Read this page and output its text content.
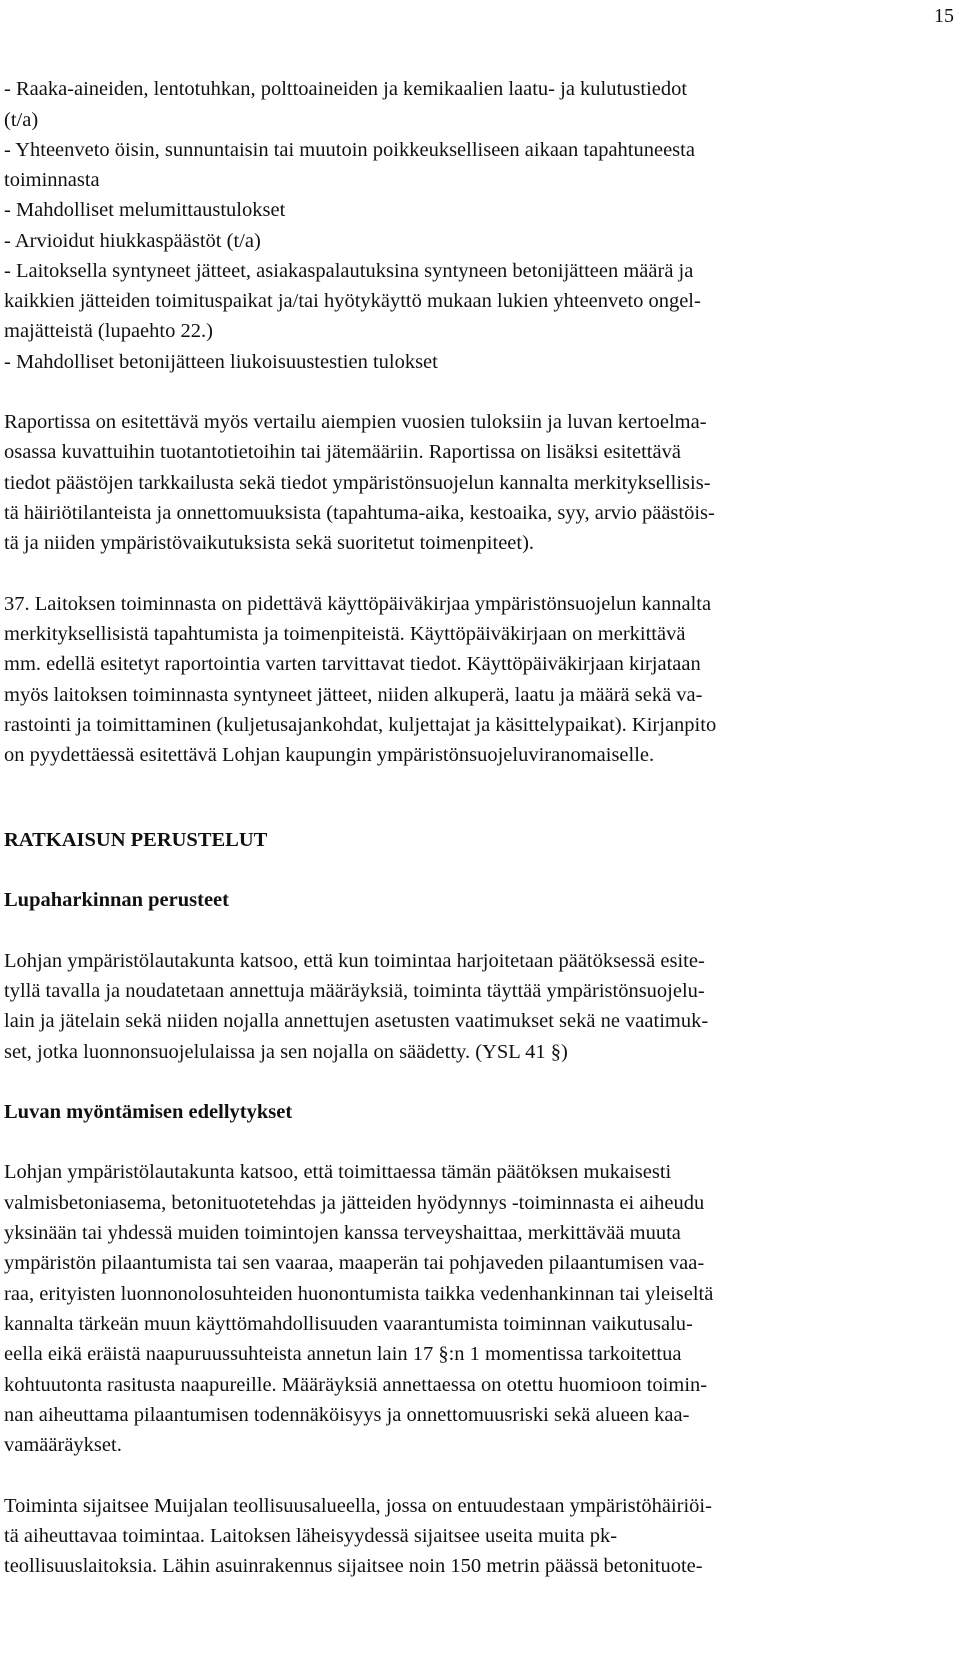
15
- Raaka-aineiden, lentotuhkan, polttoaineiden ja kemikaalien laatu- ja kulutustiedot
(t/a)
- Yhteenveto öisin, sunnuntaisin tai muutoin poikkeukselliseen aikaan tapahtuneesta
toiminnasta
- Mahdolliset melumittaustulokset
- Arvioidut hiukkaspäästöt (t/a)
- Laitoksella syntyneet jätteet, asiakaspalautuksina syntyneen betonijätteen määrä ja
kaikkien jätteiden toimituspaikat ja/tai hyötykäyttö mukaan lukien yhteenveto ongel-
majätteistä (lupaehto 22.)
- Mahdolliset betonijätteen liukoisuustestien tulokset
Raportissa on esitettävä myös vertailu aiempien vuosien tuloksiin ja luvan kertoelma-
osassa kuvattuihin tuotantotietoihin tai jätemääriin. Raportissa on lisäksi esitettävä
tiedot päästöjen tarkkailusta sekä tiedot ympäristönsuojelun kannalta merkityksellisis-
tä häiriötilanteista ja onnettomuuksista (tapahtuma-aika, kestoaika, syy, arvio päästöis-
tä ja niiden ympäristövaikutuksista sekä suoritetut toimenpiteet).
37. Laitoksen toiminnasta on pidettävä käyttöpäiväkirjaa ympäristönsuojelun kannalta
merkityksellisistä tapahtumista ja toimenpiteistä. Käyttöpäiväkirjaan on merkittävä
mm. edellä esitetyt raportointia varten tarvittavat tiedot. Käyttöpäiväkirjaan kirjataan
myös laitoksen toiminnasta syntyneet jätteet, niiden alkuperä, laatu ja määrä sekä va-
rastointi ja toimittaminen (kuljetusajankohdat, kuljettajat ja käsittelypaikat). Kirjanpito
on pyydettäessä esitettävä Lohjan kaupungin ympäristönsuojeluviranomaiselle.
RATKAISUN PERUSTELUT
Lupaharkinnan perusteet
Lohjan ympäristölautakunta katsoo, että kun toimintaa harjoitetaan päätöksessä esite-
tyllä tavalla ja noudatetaan annettuja määräyksiä, toiminta täyttää ympäristönsuojelu-
lain ja jätelain sekä niiden nojalla annettujen asetusten vaatimukset sekä ne vaatimuk-
set, jotka luonnonsuojelulaissa ja sen nojalla on säädetty. (YSL 41 §)
Luvan myöntämisen edellytykset
Lohjan ympäristölautakunta katsoo, että toimittaessa tämän päätöksen mukaisesti
valmisbetoniasema, betonituotetehdas ja jätteiden hyödynnys -toiminnasta ei aiheudu
yksinään tai yhdessä muiden toimintojen kanssa terveyshaittaa, merkittävää muuta
ympäristön pilaantumista tai sen vaaraa, maaperän tai pohjaveden pilaantumisen vaa-
raa, erityisten luonnonolosuhteiden huonontumista taikka vedenhankinnan tai yleiseltä
kannalta tärkeän muun käyttömahdollisuuden vaarantumista toiminnan vaikutusalu-
eella eikä eräistä naapuruussuhteista annetun lain 17 §:n 1 momentissa tarkoitettua
kohtuutonta rasitusta naapureille. Määräyksiä annettaessa on otettu huomioon toimin-
nan aiheuttama pilaantumisen todennäköisyys ja onnettomuusriski sekä alueen kaa-
vamääräykset.
Toiminta sijaitsee Muijalan teollisuusalueella, jossa on entuudestaan ympäristöhäiriöi-
tä aiheuttavaa toimintaa. Laitoksen läheisyydessä sijaitsee useita muita pk-
teollisuuslaitoksia. Lähin asuinrakennus sijaitsee noin 150 metrin päässä betonituote-
